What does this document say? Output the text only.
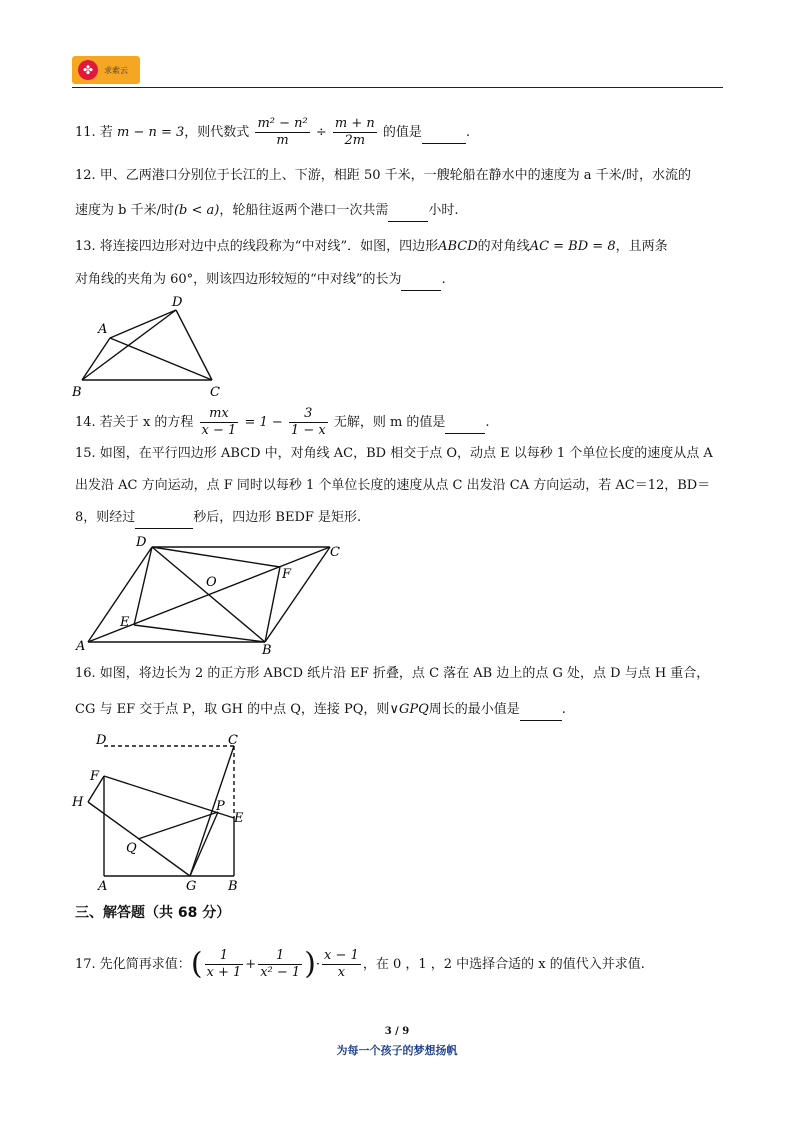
✤	求索云
11. 若 m − n = 3，则代数式 $\frac{\text{m² − n²}}{m} \div \frac{m + n}{2m}$ 的值是	.
12. 甲、乙两港口分别位于长江的上、下游，相距 50 千米，一艘轮船在静水中的速度为 a 千米/时，水流的
速度为 b 千米/时(b < a)，轮船往返两个港口一次共需	小时.
13. 将连接四边形对边中点的线段称为“中对线”．如图，四边形ABCD的对角线AC = BD = 8，且两条
对角线的夹角为 60°，则该四边形较短的“中对线”的长为	.
A
D
B	C
14. 若关于 x 的方程 $\frac{mx}{x - 1} = 1 - \frac{3}{1 - x}$ 无解，则 m 的值是	.
15. 如图，在平行四边形 ABCD 中，对角线 AC，BD 相交于点 O，动点 E 以每秒 1 个单位长度的速度从点 A
出发沿 AC 方向运动，点 F 同时以每秒 1 个单位长度的速度从点 C 出发沿 CA 方向运动，若 AC＝12，BD＝
8，则经过	秒后，四边形 BEDF 是矩形.
D
C
O
F
E
A	B
16. 如图，将边长为 2 的正方形 ABCD 纸片沿 EF 折叠，点 C 落在 AB 边上的点 G 处，点 D 与点 H 重合，
CG 与 EF 交于点 P，取 GH 的中点 Q，连接 PQ，则∨GPQ周长的最小值是	.
D	C
F
H	P
E
Q
A	G B
三、解答题（共 68 分）
17. 先化简再求值：( $\frac{1}{x + 1} + \frac{1}{\text{x² − 1}}$ )· $\frac{x - 1}{x}$ ，在 0 ，1 ，2 中选择合适的 x 的值代入并求值.
3 / 9
为每一个孩子的梦想扬帆
